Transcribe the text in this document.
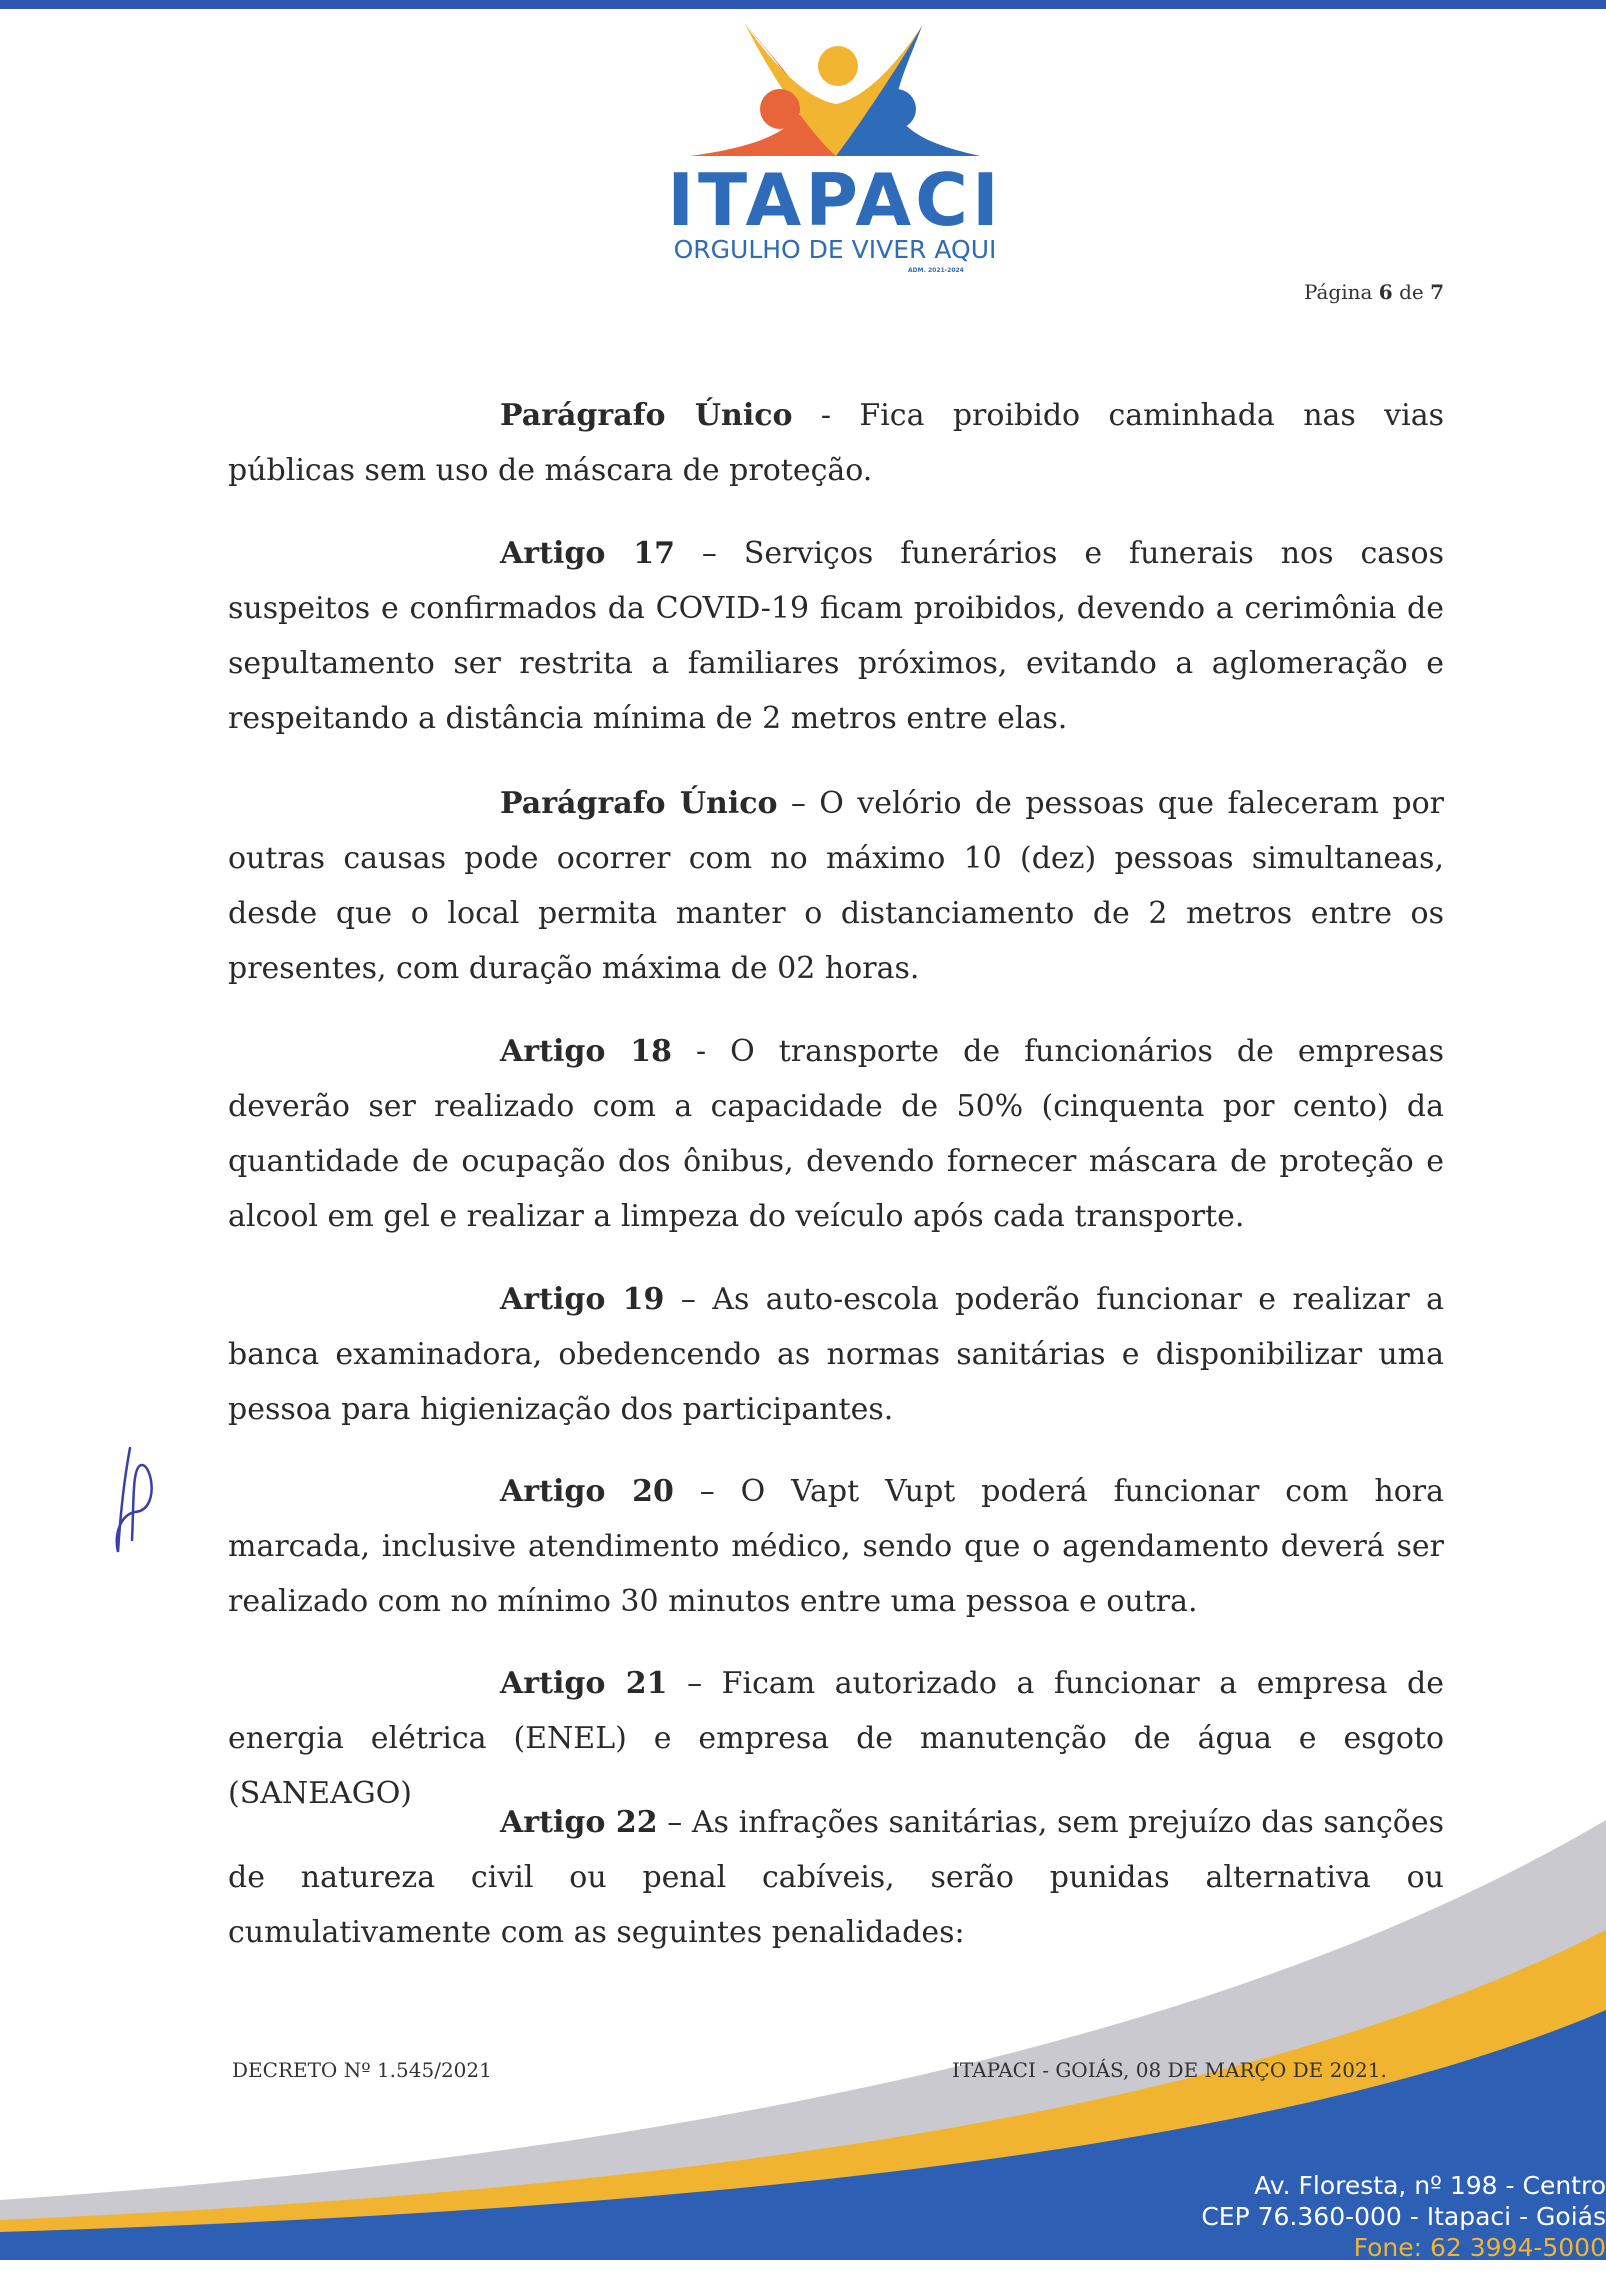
ITAPACI
ORGULHO DE VIVER AQUI
ADM. 2021-2024
Página 6 de 7

Parágrafo Único - Fica proibido caminhada nas vias públicas sem uso de máscara de proteção.

Artigo 17 – Serviços funerários e funerais nos casos suspeitos e confirmados da COVID-19 ficam proibidos, devendo a cerimônia de sepultamento ser restrita a familiares próximos, evitando a aglomeração e respeitando a distância mínima de 2 metros entre elas.

Parágrafo Único – O velório de pessoas que faleceram por outras causas pode ocorrer com no máximo 10 (dez) pessoas simultaneas, desde que o local permita manter o distanciamento de 2 metros entre os presentes, com duração máxima de 02 horas.

Artigo 18 - O transporte de funcionários de empresas deverão ser realizado com a capacidade de 50% (cinquenta por cento) da quantidade de ocupação dos ônibus, devendo fornecer máscara de proteção e alcool em gel e realizar a limpeza do veículo após cada transporte.

Artigo 19 – As auto-escola poderão funcionar e realizar a banca examinadora, obedencendo as normas sanitárias e disponibilizar uma pessoa para higienização dos participantes.

Artigo 20 – O Vapt Vupt poderá funcionar com hora marcada, inclusive atendimento médico, sendo que o agendamento deverá ser realizado com no mínimo 30 minutos entre uma pessoa e outra.

Artigo 21 – Ficam autorizado a funcionar a empresa de energia elétrica (ENEL) e empresa de manutenção de água e esgoto (SANEAGO)

Artigo 22 – As infrações sanitárias, sem prejuízo das sanções de natureza civil ou penal cabíveis, serão punidas alternativa ou cumulativamente com as seguintes penalidades:

DECRETO Nº 1.545/2021	ITAPACI - GOIÁS, 08 DE MARÇO DE 2021.
Av. Floresta, nº 198 - Centro
CEP 76.360-000 - Itapaci - Goiás
Fone: 62 3994-5000
